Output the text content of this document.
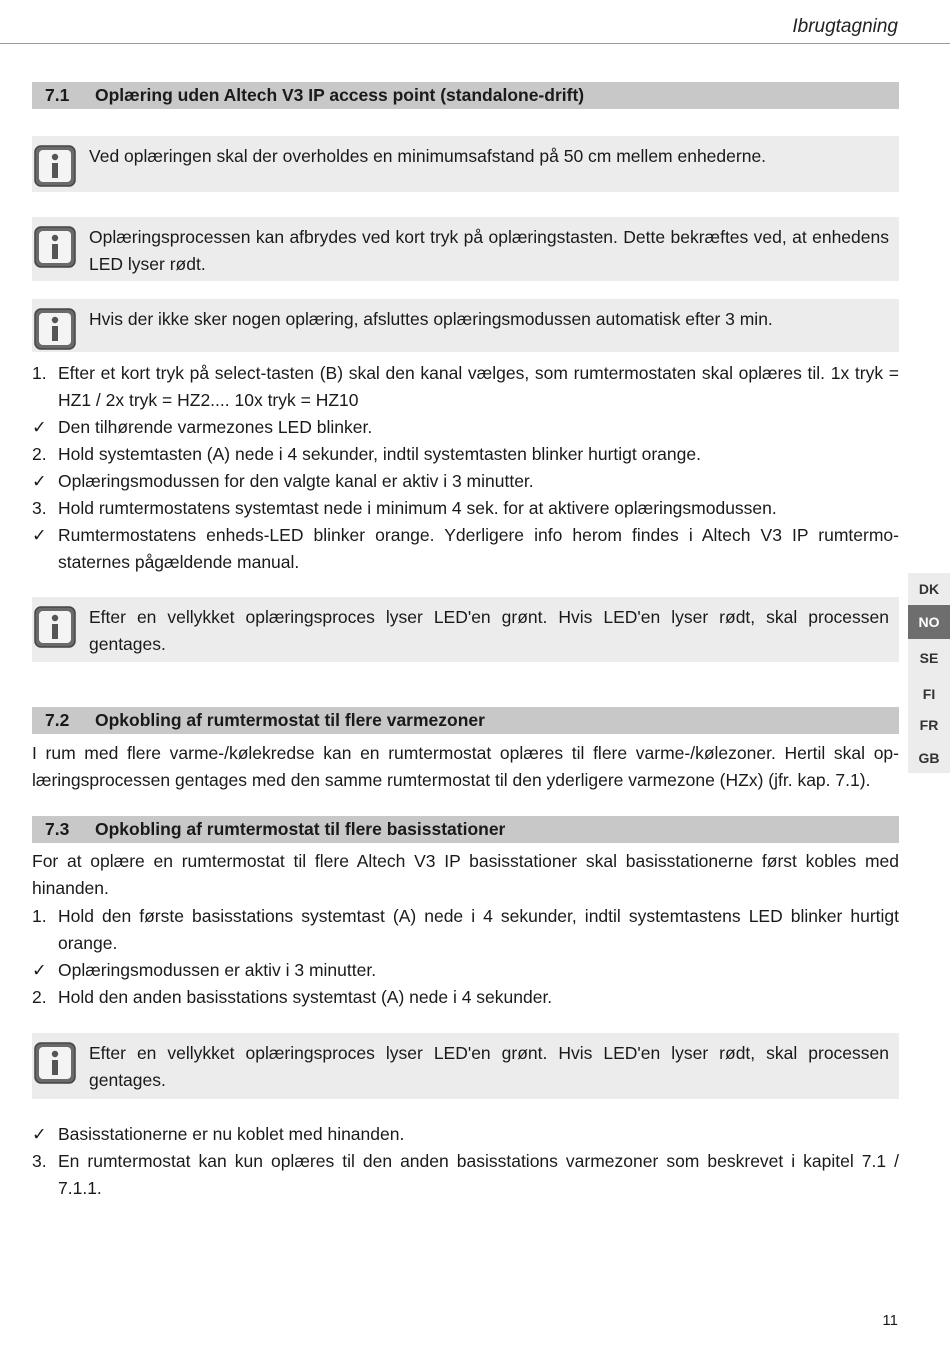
Ibrugtagning
7.1 Oplæring uden Altech V3 IP access point (standalone-drift)
Ved oplæringen skal der overholdes en minimumsafstand på 50 cm mellem enhederne.
Oplæringsprocessen kan afbrydes ved kort tryk på oplæringstasten. Dette bekræftes ved, at enhedens LED lyser rødt.
Hvis der ikke sker nogen oplæring, afsluttes oplæringsmodussen automatisk efter 3 min.
1. Efter et kort tryk på select-tasten (B) skal den kanal vælges, som rumtermostaten skal oplæres til. 1x tryk = HZ1 / 2x tryk = HZ2.... 10x tryk = HZ10
✓ Den tilhørende varmezones LED blinker.
2. Hold systemtasten (A) nede i 4 sekunder, indtil systemtasten blinker hurtigt orange.
✓ Oplæringsmodussen for den valgte kanal er aktiv i 3 minutter.
3. Hold rumtermostatens systemtast nede i minimum 4 sek. for at aktivere oplæringsmodussen.
✓ Rumtermostatens enheds-LED blinker orange. Yderligere info herom findes i Altech V3 IP rumtermostaternes pågældende manual.
Efter en vellykket oplæringsproces lyser LED'en grønt. Hvis LED'en lyser rødt, skal processen gentages.
7.2 Opkobling af rumtermostat til flere varmezoner
I rum med flere varme-/kølekredse kan en rumtermostat oplæres til flere varme-/kølezoner. Hertil skal oplæringsprocessen gentages med den samme rumtermostat til den yderligere varmezone (HZx) (jfr. kap. 7.1).
7.3 Opkobling af rumtermostat til flere basisstationer
For at oplære en rumtermostat til flere Altech V3 IP basisstationer skal basisstationerne først kobles med hinanden.
1. Hold den første basisstations systemtast (A) nede i 4 sekunder, indtil systemtastens LED blinker hurtigt orange.
✓ Oplæringsmodussen er aktiv i 3 minutter.
2. Hold den anden basisstations systemtast (A) nede i 4 sekunder.
Efter en vellykket oplæringsproces lyser LED'en grønt. Hvis LED'en lyser rødt, skal processen gentages.
✓ Basisstationerne er nu koblet med hinanden.
3. En rumtermostat kan kun oplæres til den anden basisstations varmezoner som beskrevet i kapitel 7.1 / 7.1.1.
DK
NO
SE
FI
FR
GB
11
